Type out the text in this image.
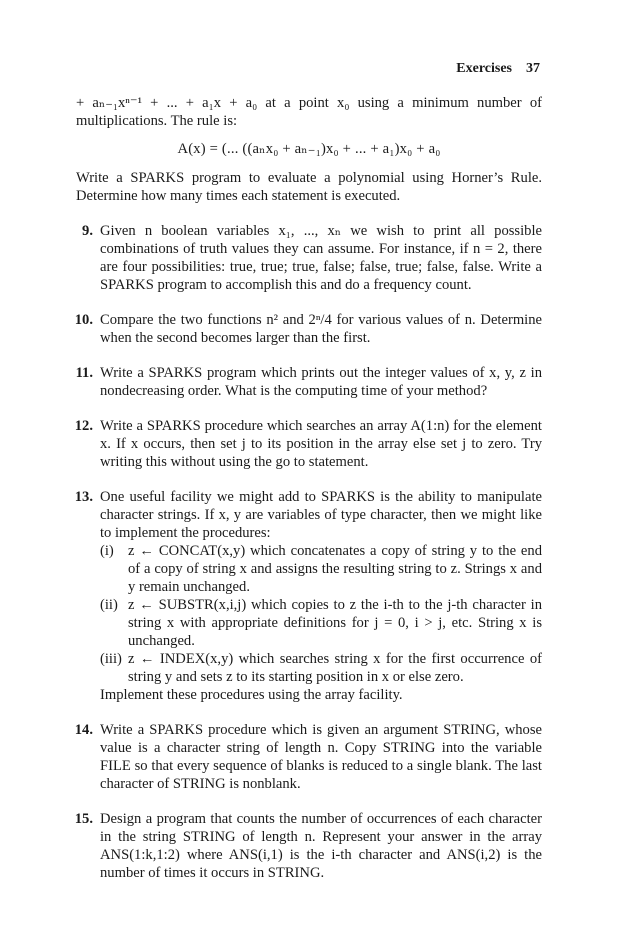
Exercises 37

+ aₙ₋₁xⁿ⁻¹ + ... + a₁x + a₀ at a point x₀ using a minimum number of multiplications. The rule is:

A(x) = (... ((aₙx₀ + aₙ₋₁)x₀ + ... + a₁)x₀ + a₀

Write a SPARKS program to evaluate a polynomial using Horner’s Rule. Determine how many times each statement is executed.

9. Given n boolean variables x₁, ..., xₙ we wish to print all possible combinations of truth values they can assume. For instance, if n = 2, there are four possibilities: true, true; true, false; false, true; false, false. Write a SPARKS program to accomplish this and do a frequency count.
10. Compare the two functions n² and 2ⁿ/4 for various values of n. Determine when the second becomes larger than the first.
11. Write a SPARKS program which prints out the integer values of x, y, z in nondecreasing order. What is the computing time of your method?
12. Write a SPARKS procedure which searches an array A(1:n) for the element x. If x occurs, then set j to its position in the array else set j to zero. Try writing this without using the go to statement.
13. One useful facility we might add to SPARKS is the ability to manipulate character strings. If x, y are variables of type character, then we might like to implement the procedures:
(i) z ← CONCAT(x,y) which concatenates a copy of string y to the end of a copy of string x and assigns the resulting string to z. Strings x and y remain unchanged.
(ii) z ← SUBSTR(x,i,j) which copies to z the i-th to the j-th character in string x with appropriate definitions for j = 0, i > j, etc. String x is unchanged.
(iii) z ← INDEX(x,y) which searches string x for the first occurrence of string y and sets z to its starting position in x or else zero.
Implement these procedures using the array facility.
14. Write a SPARKS procedure which is given an argument STRING, whose value is a character string of length n. Copy STRING into the variable FILE so that every sequence of blanks is reduced to a single blank. The last character of STRING is nonblank.
15. Design a program that counts the number of occurrences of each character in the string STRING of length n. Represent your answer in the array ANS(1:k,1:2) where ANS(i,1) is the i-th character and ANS(i,2) is the number of times it occurs in STRING.
